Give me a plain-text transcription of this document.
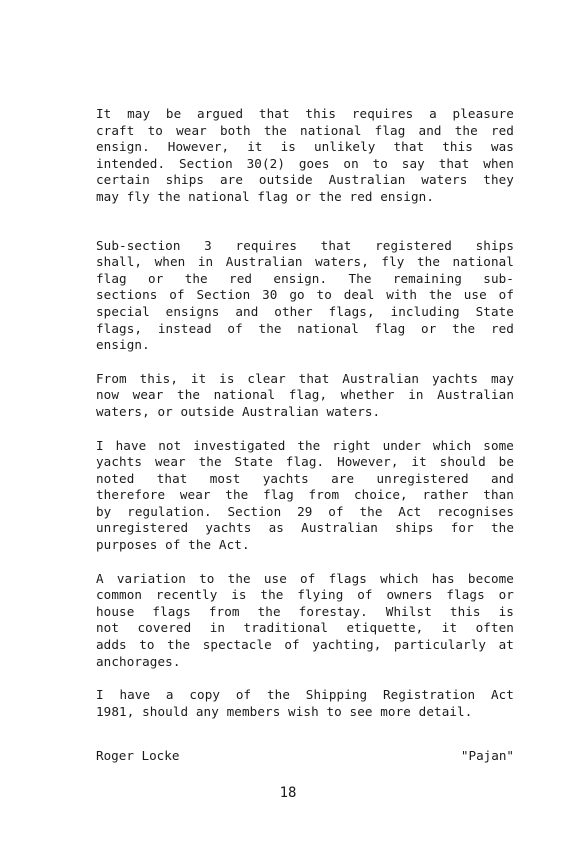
It may be argued that this requires a pleasure
craft to wear both the national flag and the red
ensign. However, it is unlikely that this was
intended. Section 30(2) goes on to say that when
certain ships are outside Australian waters they
may fly the national flag or the red ensign.
Sub-section 3 requires that registered ships
shall, when in Australian waters, fly the national
flag or the red ensign. The remaining sub-
sections of Section 30 go to deal with the use of
special ensigns and other flags, including State
flags, instead of the national flag or the red
ensign.
From this, it is clear that Australian yachts may
now wear the national flag, whether in Australian
waters, or outside Australian waters.
I have not investigated the right under which some
yachts wear the State flag. However, it should be
noted that most yachts are unregistered and
therefore wear the flag from choice, rather than
by regulation. Section 29 of the Act recognises
unregistered yachts as Australian ships for the
purposes of the Act.
A variation to the use of flags which has become
common recently is the flying of owners flags or
house flags from the forestay. Whilst this is
not covered in traditional etiquette, it often
adds to the spectacle of yachting, particularly at
anchorages.
I have a copy of the Shipping Registration Act
1981, should any members wish to see more detail.
Roger Locke	"Pajan"
18
